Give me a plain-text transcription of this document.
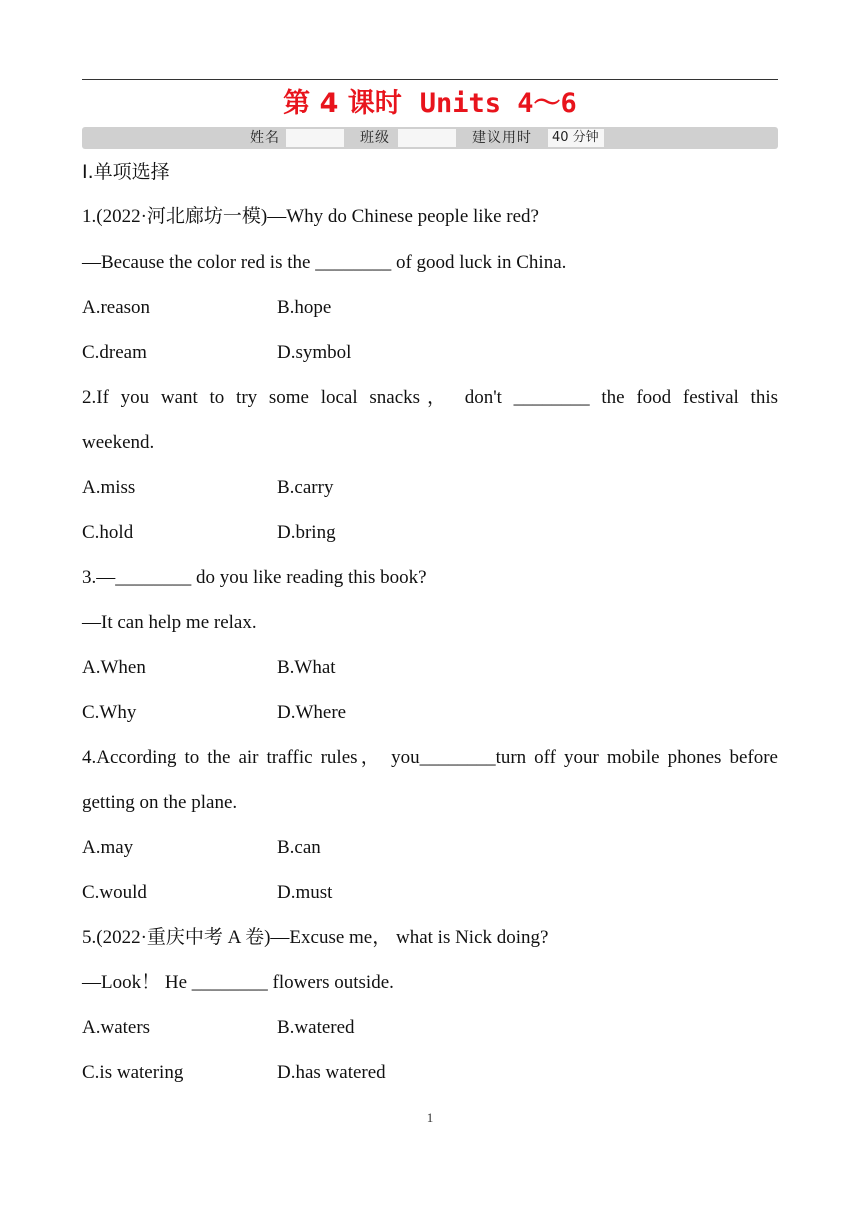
第 4 课时 Units 4～6
姓名	班级	建议用时	40 分钟
Ⅰ.单项选择
1.(2022·河北廊坊一模)—Why do Chinese people like red?
—Because the color red is the ________ of good luck in China.
A.reason	B.hope
C.dream	D.symbol
2.If you want to try some local snacks， don't ________ the food festival this
weekend.
A.miss	B.carry
C.hold	D.bring
3.—________ do you like reading this book?
—It can help me relax.
A.When	B.What
C.Why	D.Where
4.According to the air traffic rules， you________turn off your mobile phones before
getting on the plane.
A.may	B.can
C.would	D.must
5.(2022·重庆中考 A 卷)—Excuse me， what is Nick doing?
—Look！ He ________ flowers outside.
A.waters	B.watered
C.is watering	D.has watered
1
